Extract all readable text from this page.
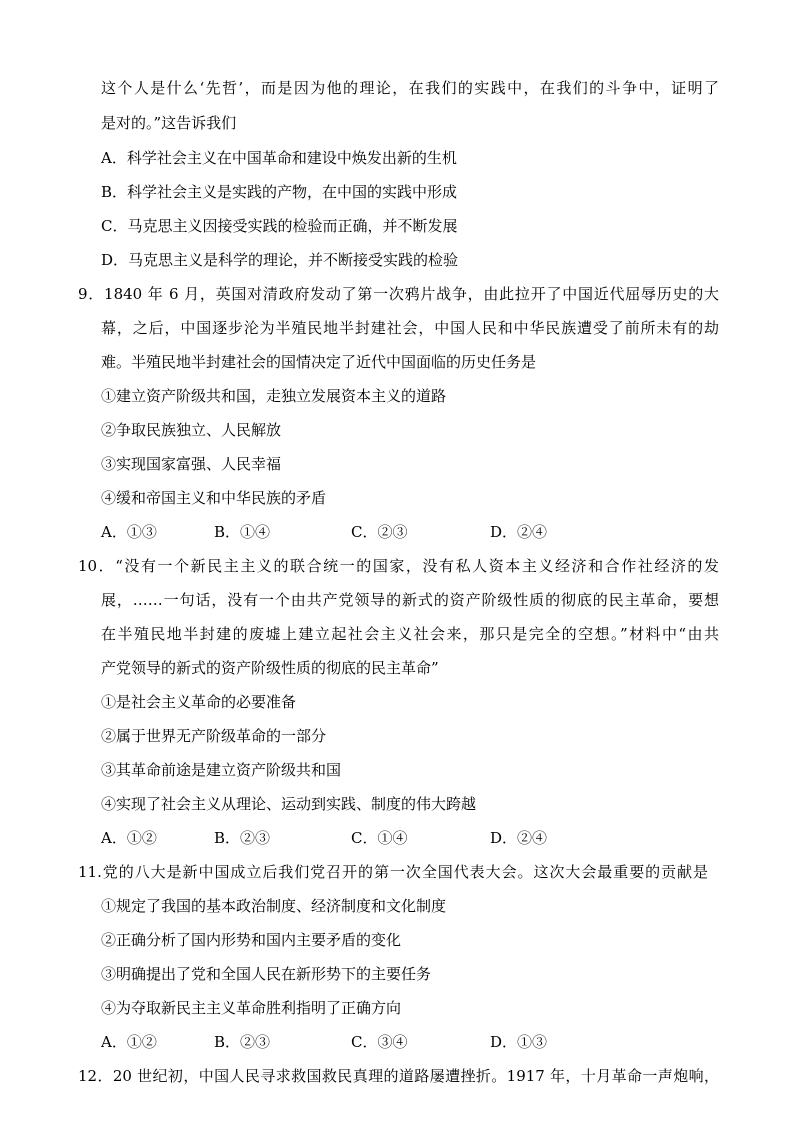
这个人是什么‘先哲’，而是因为他的理论，在我们的实践中，在我们的斗争中，证明了
是对的。”这告诉我们
A．科学社会主义在中国革命和建设中焕发出新的生机
B．科学社会主义是实践的产物，在中国的实践中形成
C．马克思主义因接受实践的检验而正确，并不断发展
D．马克思主义是科学的理论，并不断接受实践的检验
9．1840 年 6 月，英国对清政府发动了第一次鸦片战争，由此拉开了中国近代屈辱历史的大
幕，之后，中国逐步沦为半殖民地半封建社会，中国人民和中华民族遭受了前所未有的劫
难。半殖民地半封建社会的国情决定了近代中国面临的历史任务是
①建立资产阶级共和国，走独立发展资本主义的道路
②争取民族独立、人民解放
③实现国家富强、人民幸福
④缓和帝国主义和中华民族的矛盾
A．①③	B．①④	C．②③	D．②④
10．“没有一个新民主主义的联合统一的国家，没有私人资本主义经济和合作社经济的发
展，……一句话，没有一个由共产党领导的新式的资产阶级性质的彻底的民主革命，要想
在半殖民地半封建的废墟上建立起社会主义社会来，那只是完全的空想。”材料中“由共
产党领导的新式的资产阶级性质的彻底的民主革命”
①是社会主义革命的必要准备
②属于世界无产阶级革命的一部分
③其革命前途是建立资产阶级共和国
④实现了社会主义从理论、运动到实践、制度的伟大跨越
A．①②	B．②③	C．①④	D．②④
11.党的八大是新中国成立后我们党召开的第一次全国代表大会。这次大会最重要的贡献是
①规定了我国的基本政治制度、经济制度和文化制度
②正确分析了国内形势和国内主要矛盾的变化
③明确提出了党和全国人民在新形势下的主要任务
④为夺取新民主主义革命胜利指明了正确方向
A．①②	B．②③	C．③④	D．①③
12．20 世纪初，中国人民寻求救国救民真理的道路屡遭挫折。1917 年，十月革命一声炮响，
